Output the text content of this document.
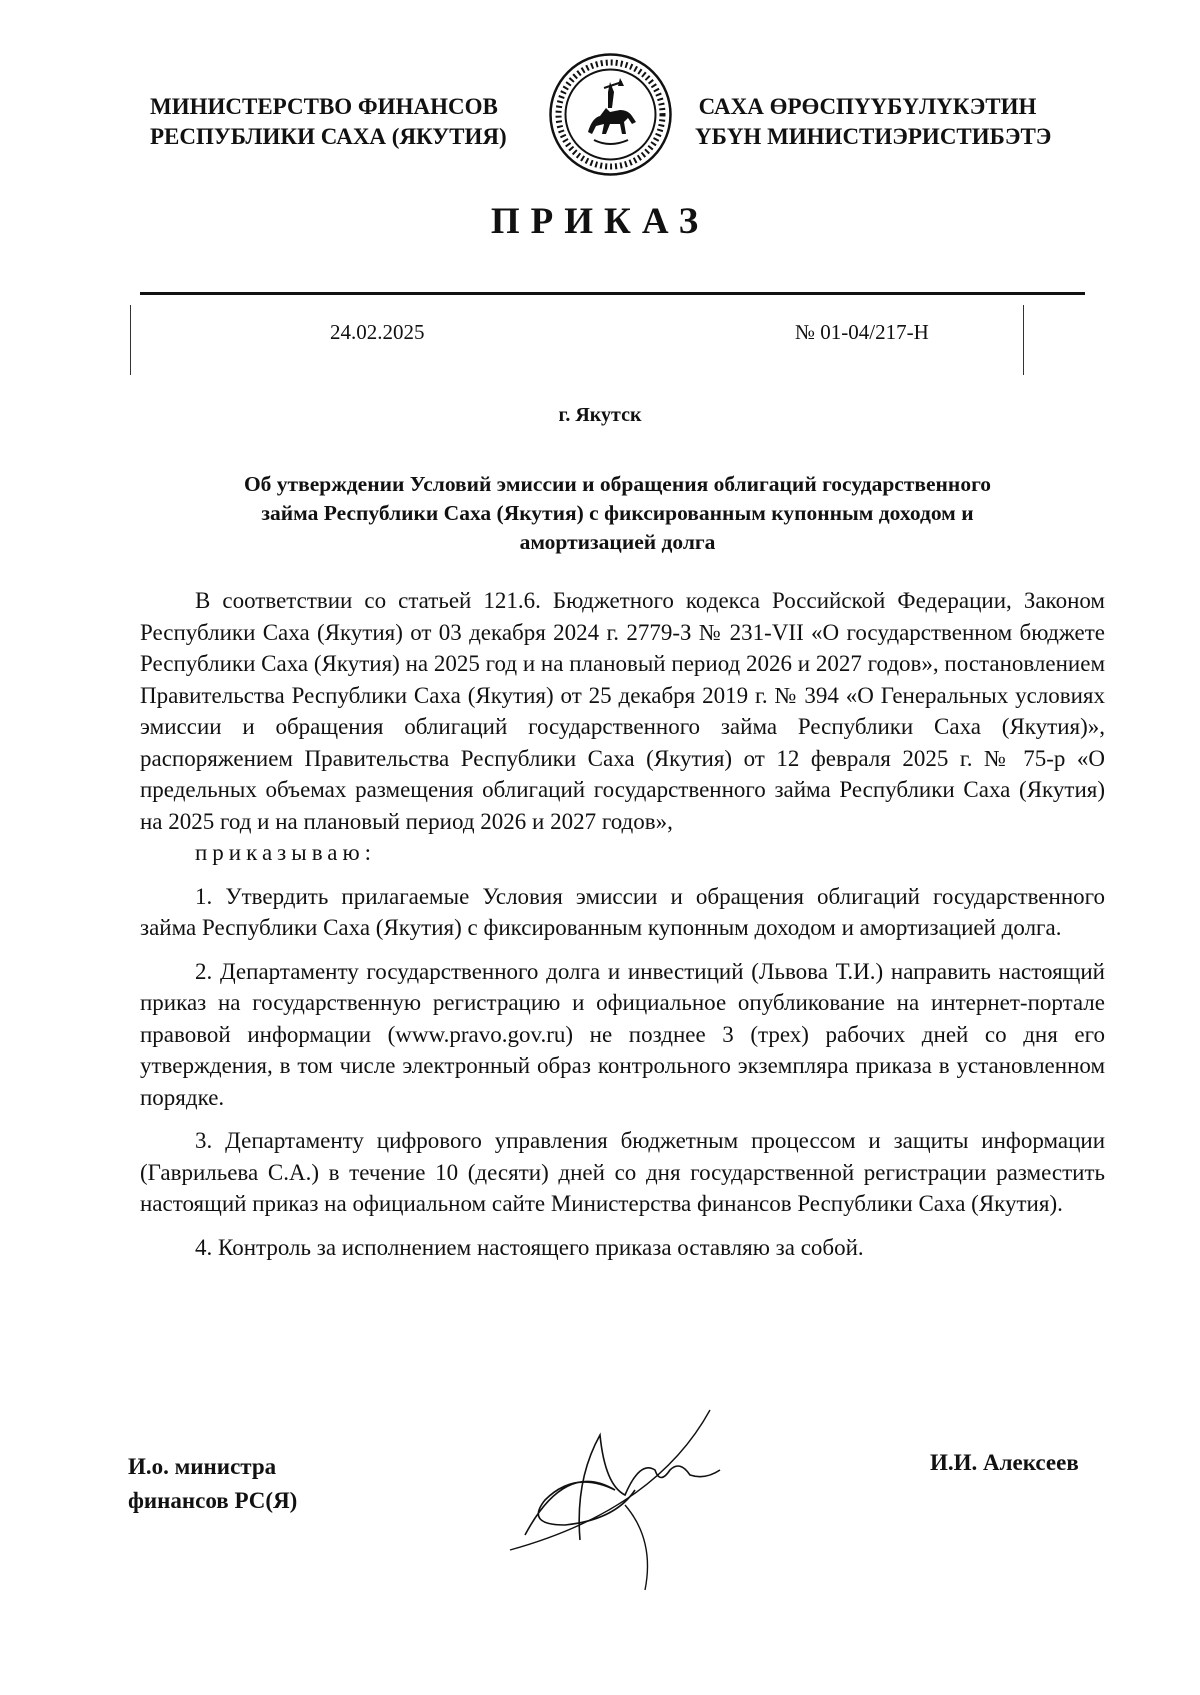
МИНИСТЕРСТВО ФИНАНСОВ
РЕСПУБЛИКИ САХА (ЯКУТИЯ)
САХА ӨРӨСПҮҮБҮЛҮКЭТИН
ҮБҮН МИНИСТИЭРИСТИБЭТЭ
ПРИКАЗ
24.02.2025	№ 01-04/217-Н
г. Якутск
Об утверждении Условий эмиссии и обращения облигаций государственного
займа Республики Саха (Якутия) с фиксированным купонным доходом и
амортизацией долга

В соответствии со статьей 121.6. Бюджетного кодекса Российской Федерации, Законом Республики Саха (Якутия) от 03 декабря 2024 г. 2779-З № 231-VII «О государственном бюджете Республики Саха (Якутия) на 2025 год и на плановый период 2026 и 2027 годов», постановлением Правительства Республики Саха (Якутия) от 25 декабря 2019 г. № 394 «О Генеральных условиях эмиссии и обращения облигаций государственного займа Республики Саха (Якутия)», распоряжением Правительства Республики Саха (Якутия) от 12 февраля 2025 г. № 75-р «О предельных объемах размещения облигаций государственного займа Республики Саха (Якутия) на 2025 год и на плановый период 2026 и 2027 годов»,

приказываю:

1. Утвердить прилагаемые Условия эмиссии и обращения облигаций государственного займа Республики Саха (Якутия) с фиксированным купонным доходом и амортизацией долга.

2. Департаменту государственного долга и инвестиций (Львова Т.И.) направить настоящий приказ на государственную регистрацию и официальное опубликование на интернет-портале правовой информации (www.pravo.gov.ru) не позднее 3 (трех) рабочих дней со дня его утверждения, в том числе электронный образ контрольного экземпляра приказа в установленном порядке.

3. Департаменту цифрового управления бюджетным процессом и защиты информации (Гаврильева С.А.) в течение 10 (десяти) дней со дня государственной регистрации разместить настоящий приказ на официальном сайте Министерства финансов Республики Саха (Якутия).

4. Контроль за исполнением настоящего приказа оставляю за собой.

И.о. министра
финансов РС(Я)
И.И. Алексеев
